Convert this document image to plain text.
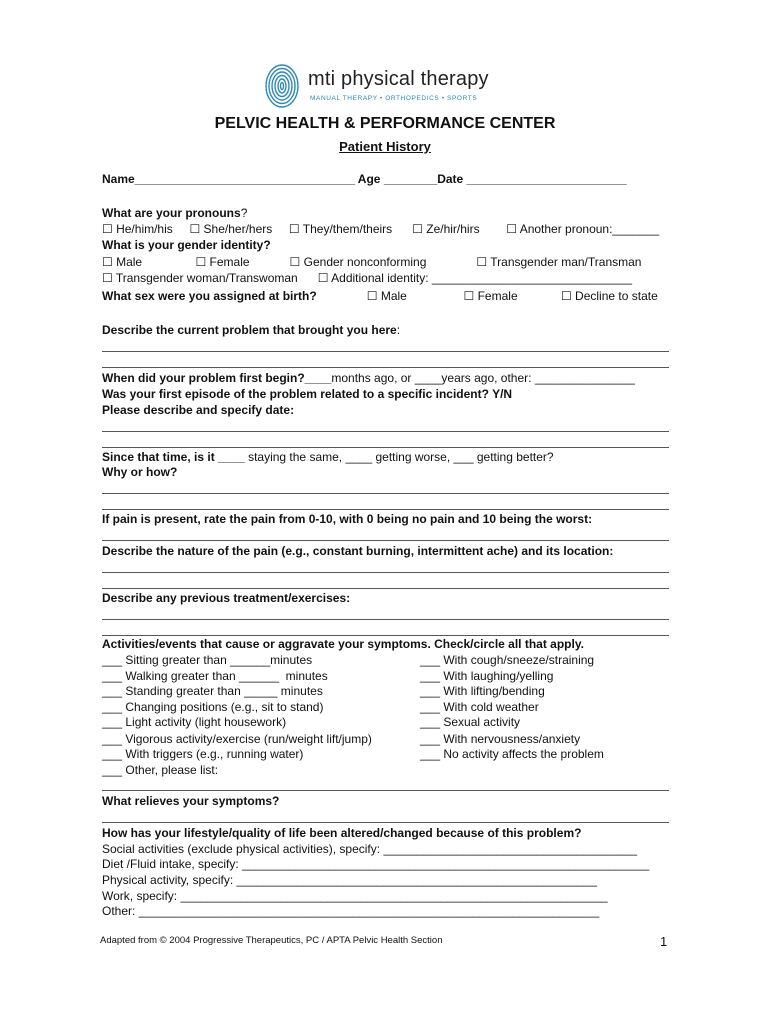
mti physical therapy
MANUAL THERAPY • ORTHOPEDICS • SPORTS
PELVIC HEALTH & PERFORMANCE CENTER
Patient History
Name_________________________________ Age ________Date ________________________
What are your pronouns?
☐ He/him/his     ☐ She/her/hers     ☐ They/them/theirs      ☐ Ze/hir/hirs        ☐ Another pronoun:_______
What is your gender identity?
☐ Male                ☐ Female            ☐ Gender nonconforming               ☐ Transgender man/Transman
☐ Transgender woman/Transwoman      ☐ Additional identity: ______________________________
What sex were you assigned at birth?               ☐ Male                 ☐ Female             ☐ Decline to state
Describe the current problem that brought you here:
When did your problem first begin?____months ago, or ____years ago, other: _______________
Was your first episode of the problem related to a specific incident? Y/N
Please describe and specify date:
Since that time, is it ____ staying the same, ____ getting worse, ___ getting better?
Why or how?
If pain is present, rate the pain from 0-10, with 0 being no pain and 10 being the worst:
Describe the nature of the pain (e.g., constant burning, intermittent ache) and its location:
Describe any previous treatment/exercises:
Activities/events that cause or aggravate your symptoms. Check/circle all that apply.
___ Sitting greater than ______minutes
___ Walking greater than ______  minutes
___ Standing greater than _____ minutes
___ Changing positions (e.g., sit to stand)
___ Light activity (light housework)
___ Vigorous activity/exercise (run/weight lift/jump)
___ With triggers (e.g., running water)
___ Other, please list:
___ With cough/sneeze/straining
___ With laughing/yelling
___ With lifting/bending
___ With cold weather
___ Sexual activity
___ With nervousness/anxiety
___ No activity affects the problem
What relieves your symptoms?
How has your lifestyle/quality of life been altered/changed because of this problem?
Social activities (exclude physical activities), specify: ______________________________________
Diet /Fluid intake, specify: _____________________________________________________________
Physical activity, specify: ______________________________________________________
Work, specify: ________________________________________________________________
Other: _____________________________________________________________________
Adapted from © 2004 Progressive Therapeutics, PC / APTA Pelvic Health Section	1
